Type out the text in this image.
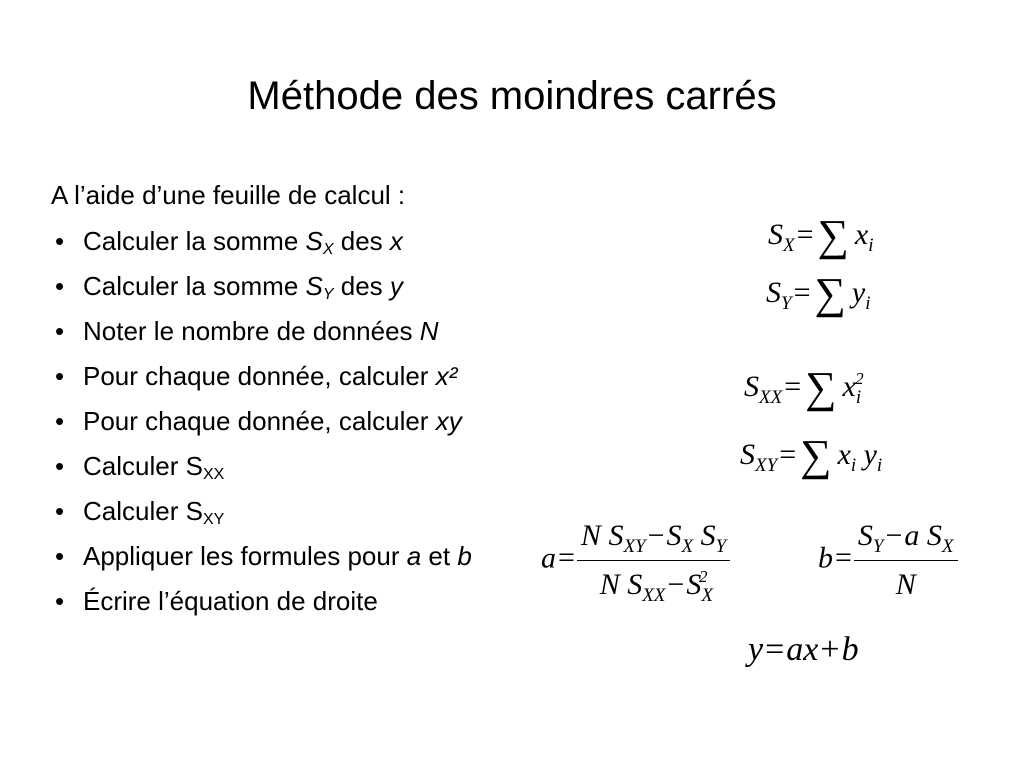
Méthode des moindres carrés
A l’aide d’une feuille de calcul :
• Calculer la somme $S_X$ des x
• Calculer la somme $S_Y$ des y
• Noter le nombre de données N
• Pour chaque donnée, calculer x²
• Pour chaque donnée, calculer xy
• Calculer $S_{XX}$
• Calculer $S_{XY}$
• Appliquer les formules pour a et b
• Écrire l’équation de droite
$S_X=\sum$ $x_i$
$S_Y=\sum$ $y_i$
$S_{XX}=\sum$ $x_i^2$
$S_{XY}=\sum$ $x_i$ $y_i$
$a= \frac{N S_{XY}-S_X S_Y}{N S_{XX}-S_X^2}$	$b= \frac{S_Y-a S_X}{N}$
y=ax+b
